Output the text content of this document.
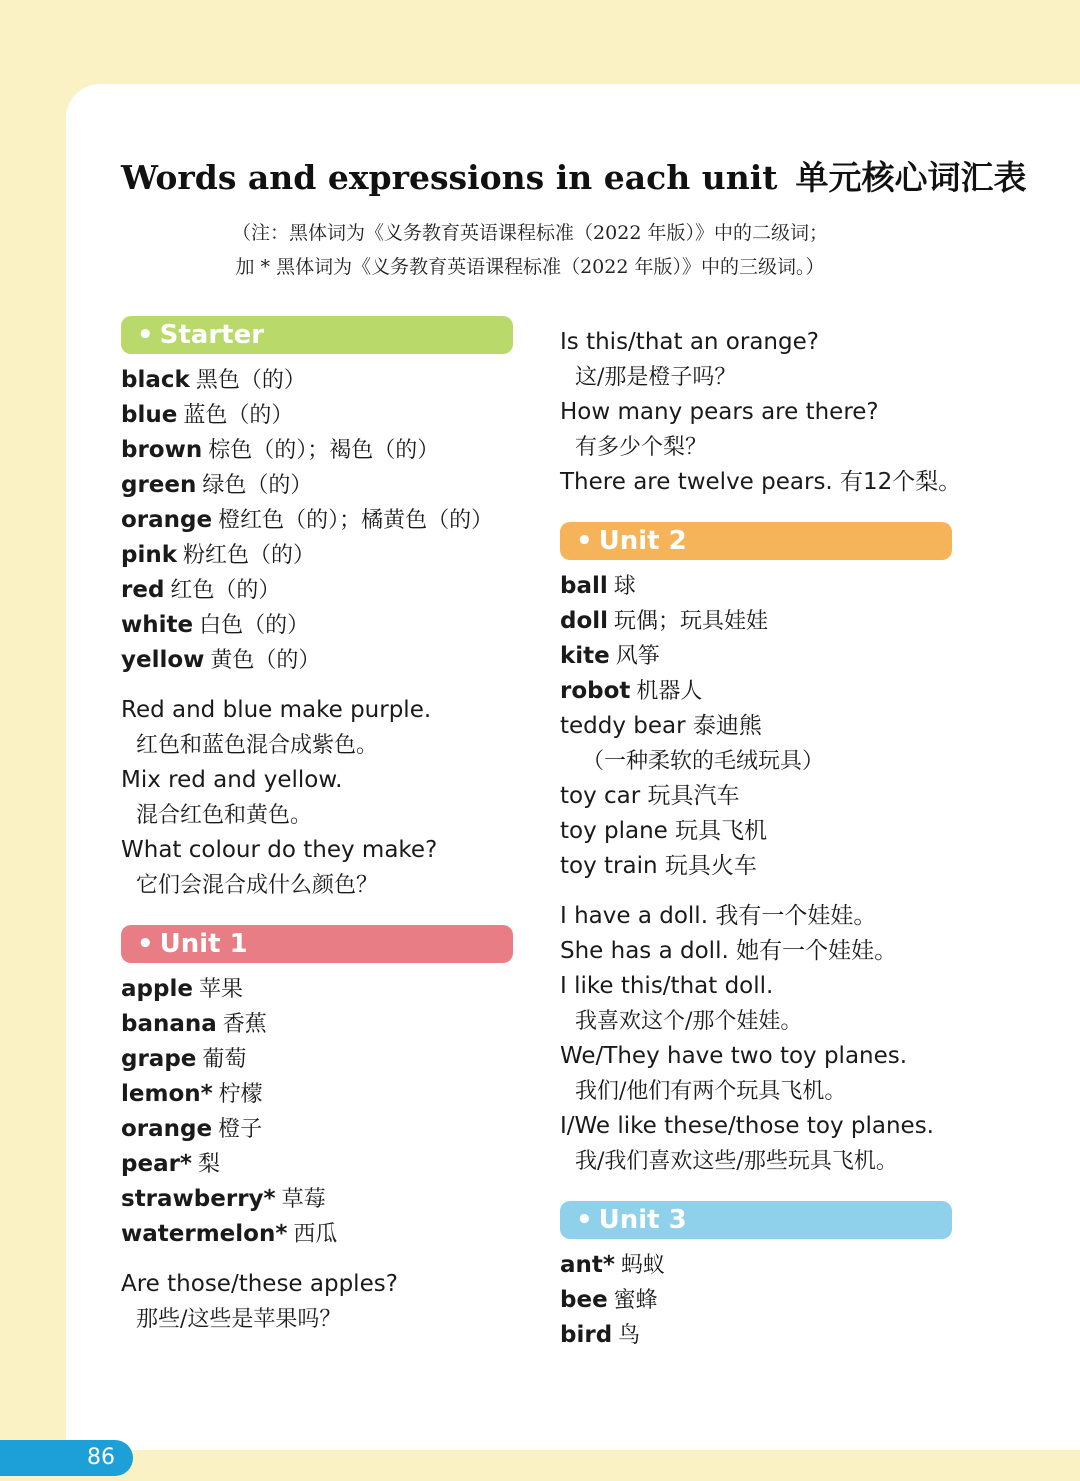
Words and expressions in each unit 单元核心词汇表
（注：黑体词为《义务教育英语课程标准（2022 年版）》中的二级词；
加 * 黑体词为《义务教育英语课程标准（2022 年版）》中的三级词。）
• Starter
black 黑色（的）
blue 蓝色（的）
brown 棕色（的）；褐色（的）
green 绿色（的）
orange 橙红色（的）；橘黄色（的）
pink 粉红色（的）
red 红色（的）
white 白色（的）
yellow 黄色（的）
Red and blue make purple.
红色和蓝色混合成紫色。
Mix red and yellow.
混合红色和黄色。
What colour do they make?
它们会混合成什么颜色？
• Unit 1
apple 苹果
banana 香蕉
grape 葡萄
lemon* 柠檬
orange 橙子
pear* 梨
strawberry* 草莓
watermelon* 西瓜
Are those/these apples?
那些/这些是苹果吗？
Is this/that an orange?
这/那是橙子吗？
How many pears are there?
有多少个梨？
There are twelve pears. 有12个梨。
• Unit 2
ball 球
doll 玩偶；玩具娃娃
kite 风筝
robot 机器人
teddy bear 泰迪熊
（一种柔软的毛绒玩具）
toy car 玩具汽车
toy plane 玩具飞机
toy train 玩具火车
I have a doll. 我有一个娃娃。
She has a doll. 她有一个娃娃。
I like this/that doll.
我喜欢这个/那个娃娃。
We/They have two toy planes.
我们/他们有两个玩具飞机。
I/We like these/those toy planes.
我/我们喜欢这些/那些玩具飞机。
• Unit 3
ant* 蚂蚁
bee 蜜蜂
bird 鸟
86
